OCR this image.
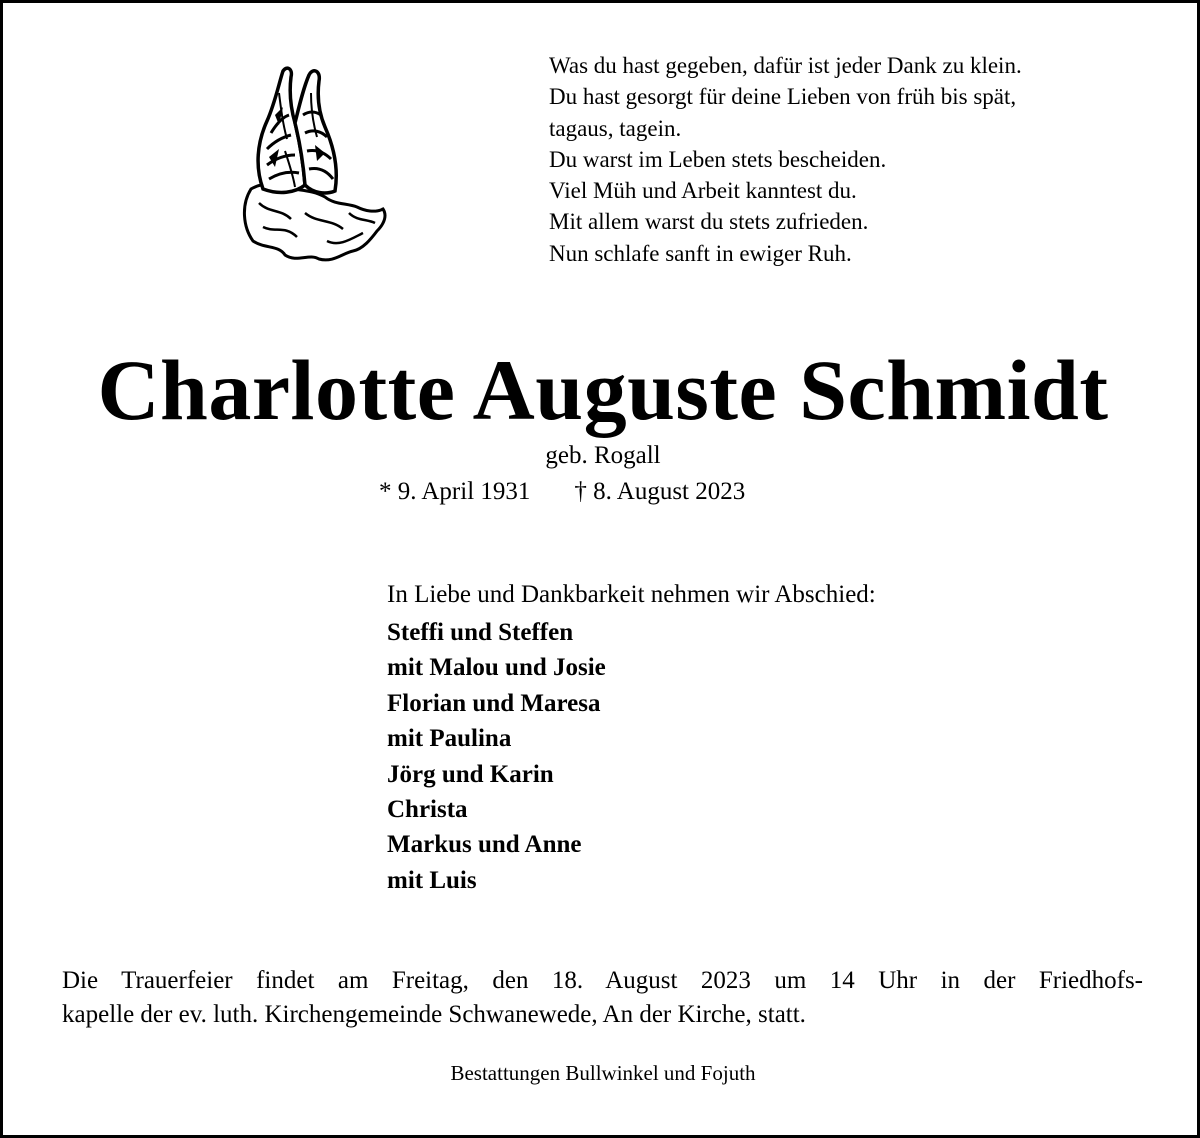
Was du hast gegeben, dafür ist jeder Dank zu klein.
Du hast gesorgt für deine Lieben von früh bis spät,
tagaus, tagein.
Du warst im Leben stets bescheiden.
Viel Müh und Arbeit kanntest du.
Mit allem warst du stets zufrieden.
Nun schlafe sanft in ewiger Ruh.
Charlotte Auguste Schmidt
geb. Rogall
* 9. April 1931 † 8. August 2023
In Liebe und Dankbarkeit nehmen wir Abschied:
Steffi und Steffen
mit Malou und Josie
Florian und Maresa
mit Paulina
Jörg und Karin
Christa
Markus und Anne
mit Luis

Die Trauerfeier findet am Freitag, den 18. August 2023 um 14 Uhr in der Friedhofs-
kapelle der ev. luth. Kirchengemeinde Schwanewede, An der Kirche, statt.

Bestattungen Bullwinkel und Fojuth
